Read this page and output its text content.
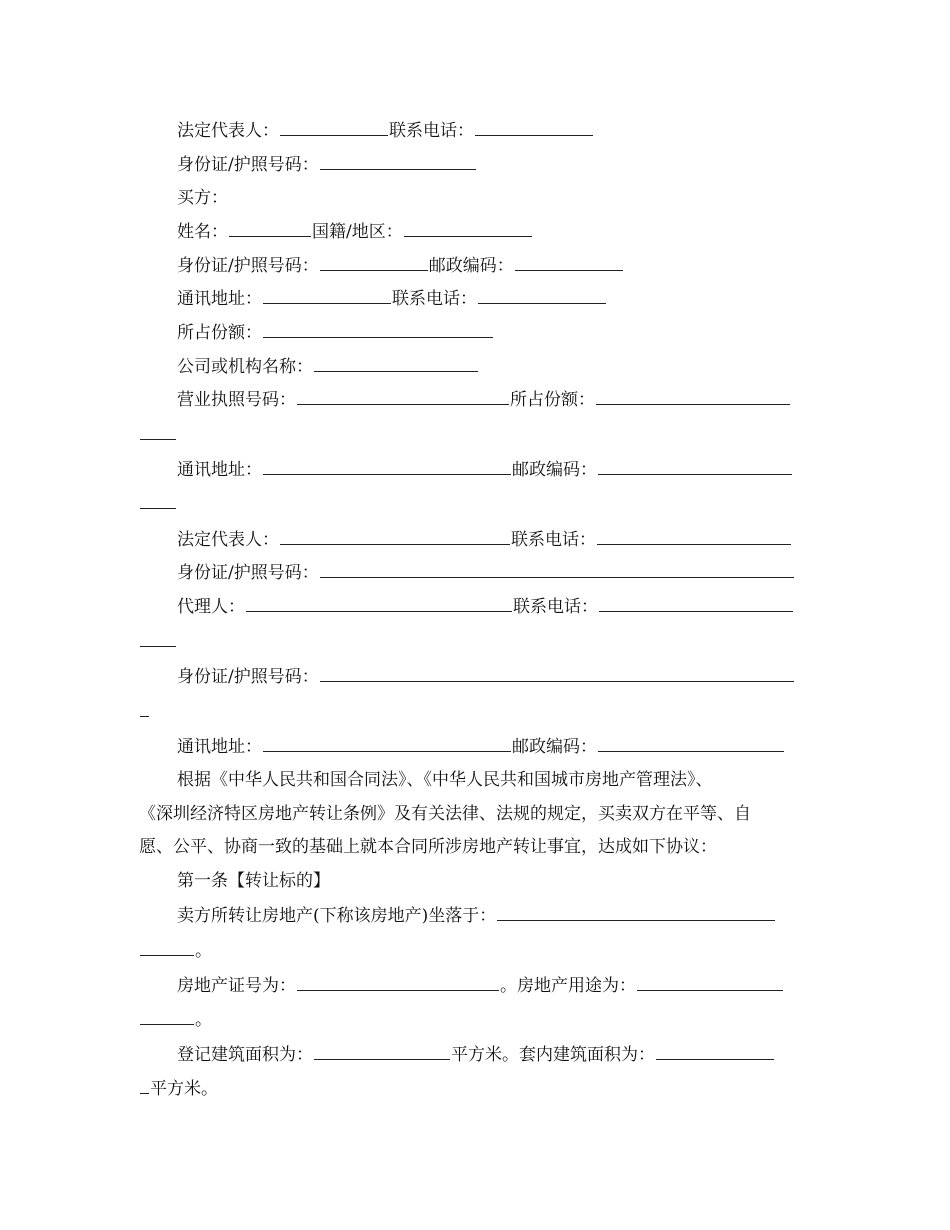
法定代表人：	联系电话：
身份证/护照号码：
买方：
姓名：	国籍/地区：
身份证/护照号码：	邮政编码：
通讯地址：	联系电话：
所占份额：
公司或机构名称：
营业执照号码：	所占份额：
通讯地址：	邮政编码：
法定代表人：	联系电话：
身份证/护照号码：
代理人：	联系电话：
身份证/护照号码：
通讯地址：	邮政编码：
根据《中华人民共和国合同法》、《中华人民共和国城市房地产管理法》、
《深圳经济特区房地产转让条例》及有关法律、法规的规定，买卖双方在平等、自
愿、公平、协商一致的基础上就本合同所涉房地产转让事宜，达成如下协议：
第一条【转让标的】
卖方所转让房地产(下称该房地产)坐落于：
。
房地产证号为：	。房地产用途为：
。
登记建筑面积为：	平方米。套内建筑面积为：
平方米。
